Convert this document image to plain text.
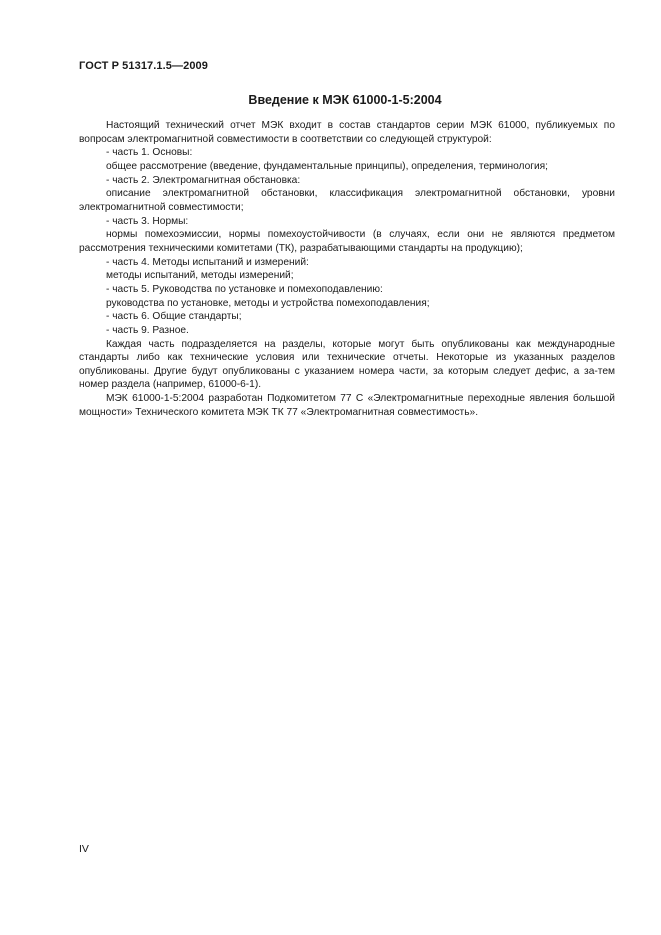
ГОСТ Р 51317.1.5—2009
Введение к МЭК 61000-1-5:2004

Настоящий технический отчет МЭК входит в состав стандартов серии МЭК 61000, публикуемых по вопросам электромагнитной совместимости в соответствии со следующей структурой:

- часть 1. Основы:

общее рассмотрение (введение, фундаментальные принципы), определения, терминология;

- часть 2. Электромагнитная обстановка:

описание электромагнитной обстановки, классификация электромагнитной обстановки, уровни электромагнитной совместимости;

- часть 3. Нормы:

нормы помехоэмиссии, нормы помехоустойчивости (в случаях, если они не являются предметом рассмотрения техническими комитетами (ТК), разрабатывающими стандарты на продукцию);

- часть 4. Методы испытаний и измерений:

методы испытаний, методы измерений;

- часть 5. Руководства по установке и помехоподавлению:

руководства по установке, методы и устройства помехоподавления;

- часть 6. Общие стандарты;

- часть 9. Разное.

Каждая часть подразделяется на разделы, которые могут быть опубликованы как международные стандарты либо как технические условия или технические отчеты. Некоторые из указанных разделов опубликованы. Другие будут опубликованы с указанием номера части, за которым следует дефис, а за-тем номер раздела (например, 61000-6-1).

МЭК 61000-1-5:2004 разработан Подкомитетом 77 С «Электромагнитные переходные явления большой мощности» Технического комитета МЭК ТК 77 «Электромагнитная совместимость».

IV
